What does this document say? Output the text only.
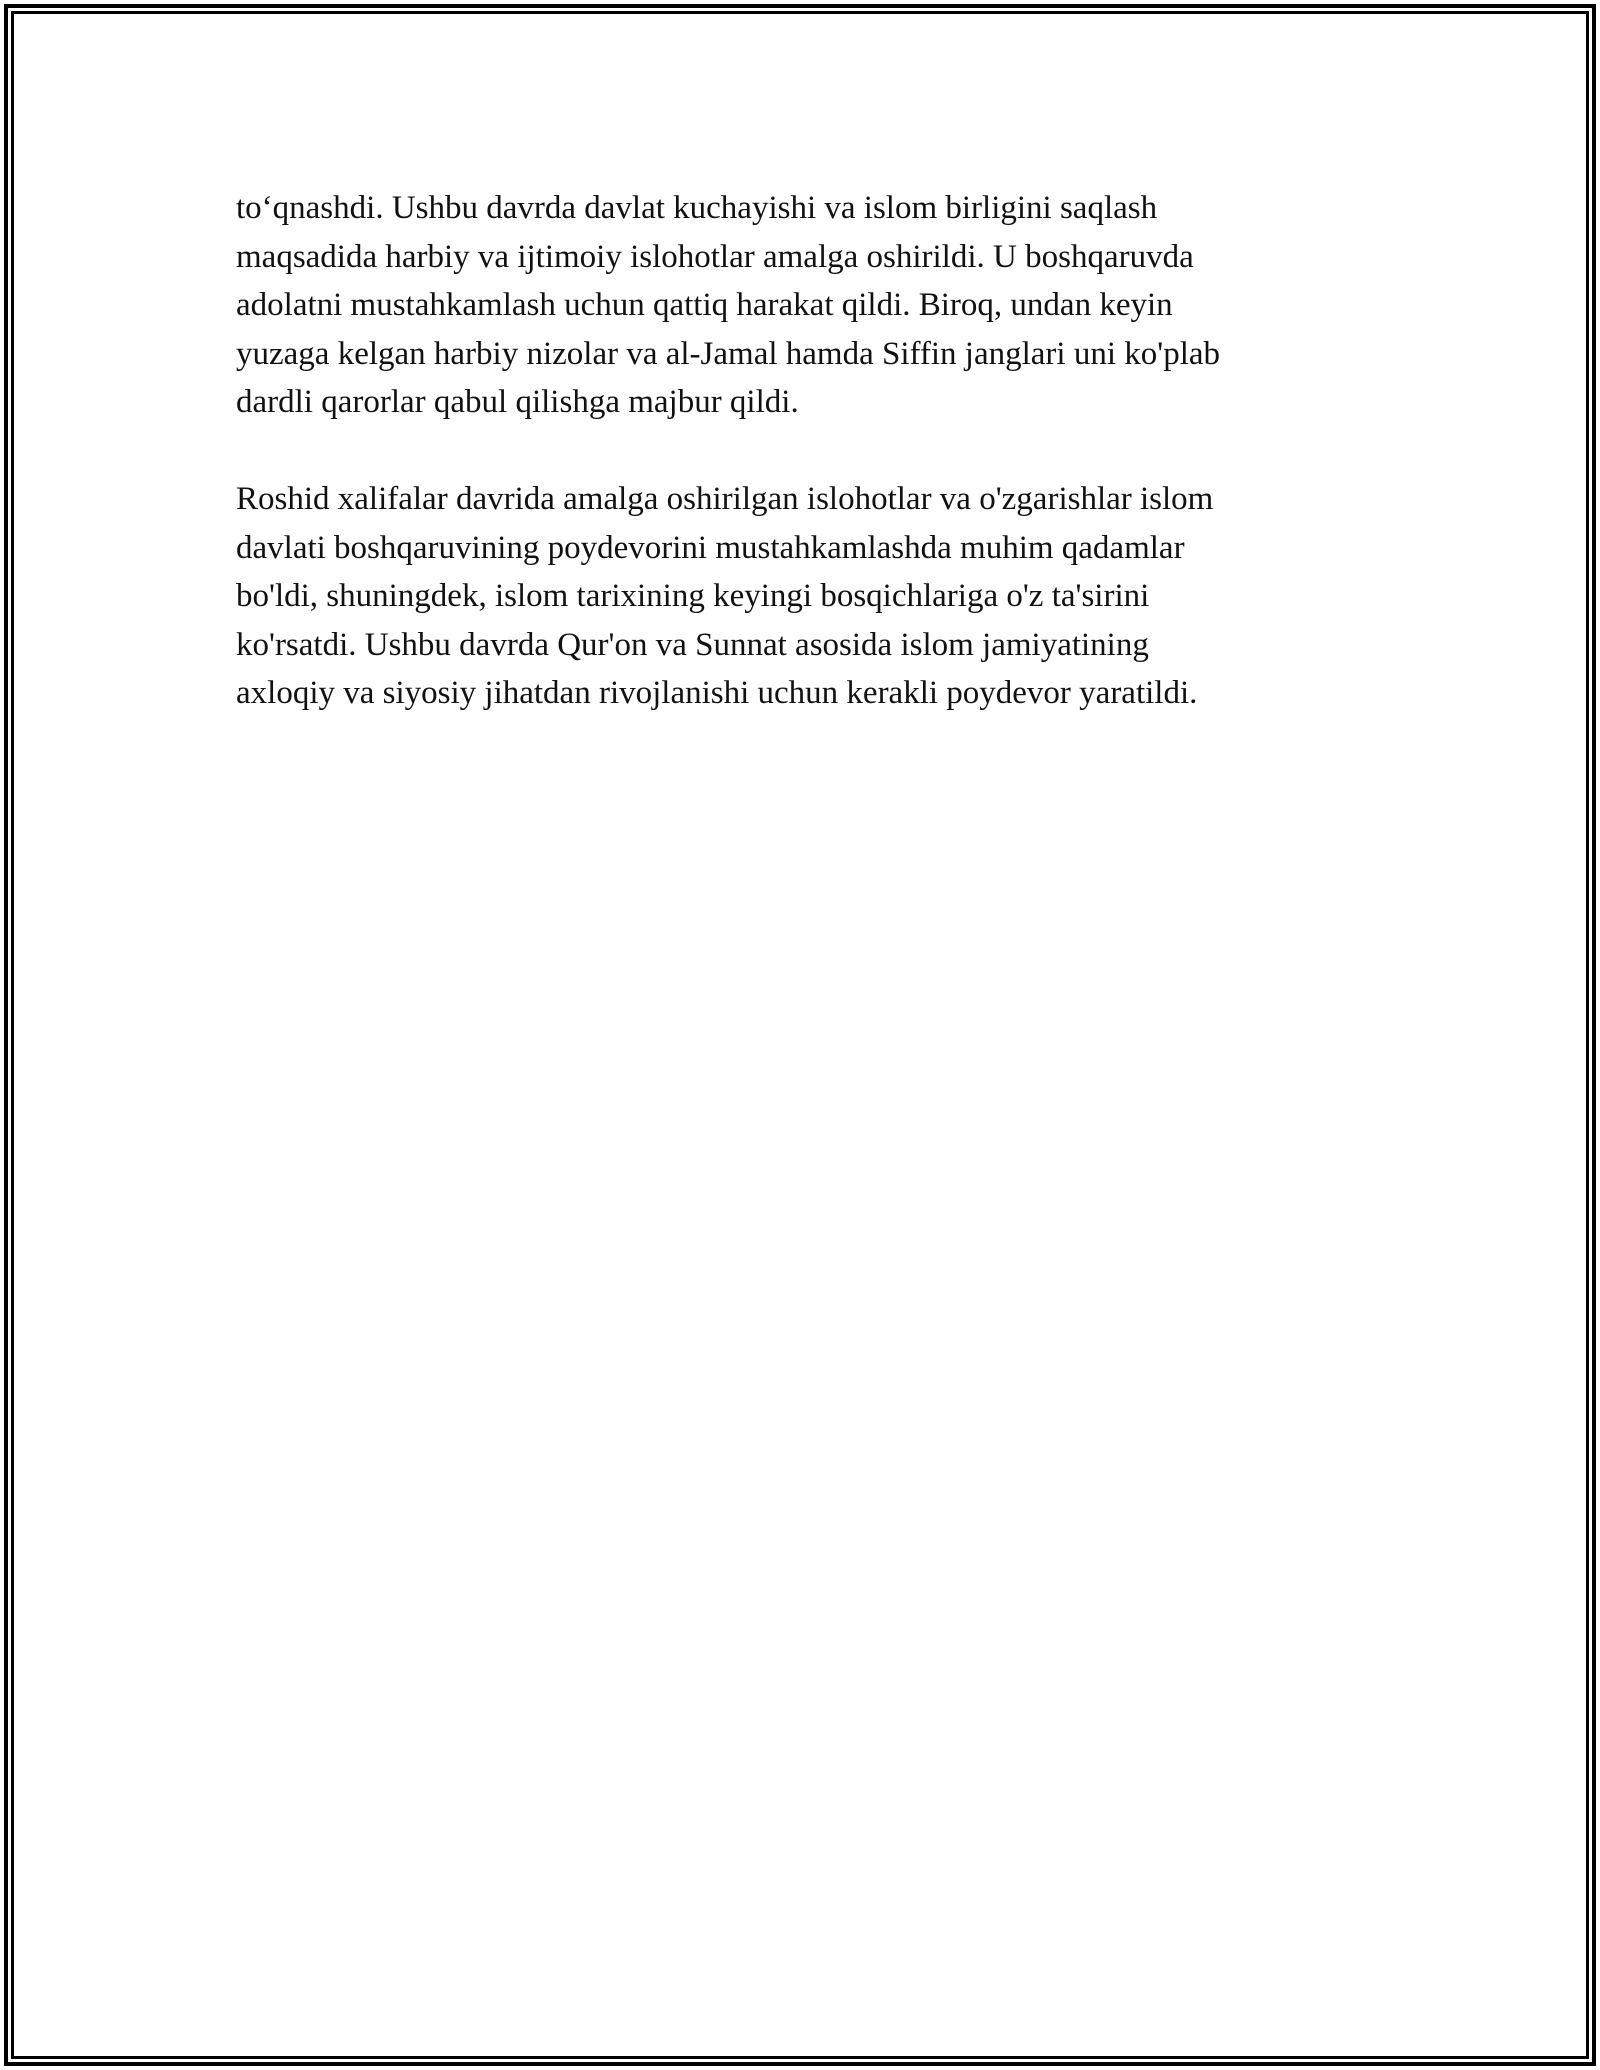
to‘qnashdi. Ushbu davrda davlat kuchayishi va islom birligini saqlash
maqsadida harbiy va ijtimoiy islohotlar amalga oshirildi. U boshqaruvda
adolatni mustahkamlash uchun qattiq harakat qildi. Biroq, undan keyin
yuzaga kelgan harbiy nizolar va al-Jamal hamda Siffin janglari uni ko'plab
dardli qarorlar qabul qilishga majbur qildi.

Roshid xalifalar davrida amalga oshirilgan islohotlar va o'zgarishlar islom
davlati boshqaruvining poydevorini mustahkamlashda muhim qadamlar
bo'ldi, shuningdek, islom tarixining keyingi bosqichlariga o'z ta'sirini
ko'rsatdi. Ushbu davrda Qur'on va Sunnat asosida islom jamiyatining
axloqiy va siyosiy jihatdan rivojlanishi uchun kerakli poydevor yaratildi.
